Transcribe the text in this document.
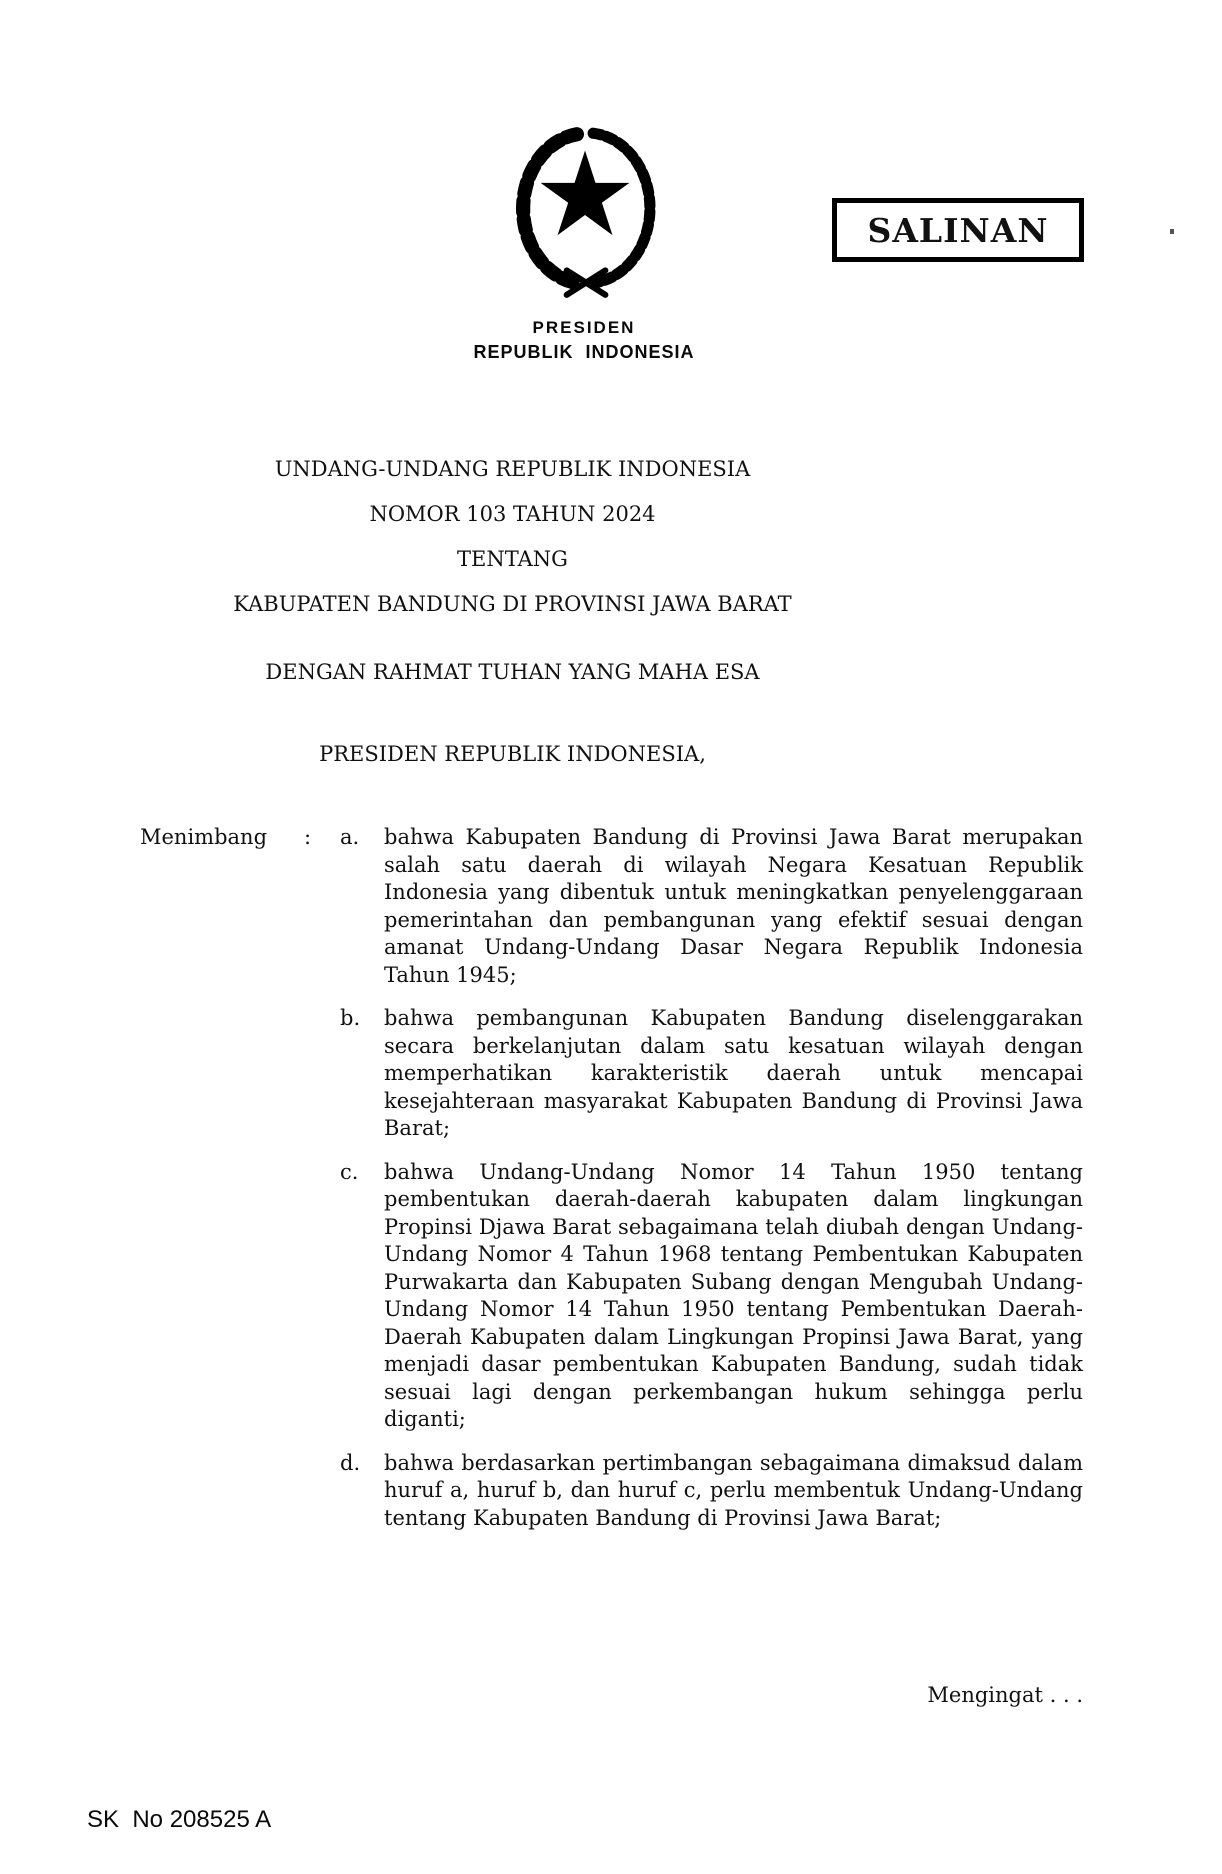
PRESIDEN
REPUBLIK INDONESIA
SALINAN
UNDANG-UNDANG REPUBLIK INDONESIA
NOMOR 103 TAHUN 2024
TENTANG
KABUPATEN BANDUNG DI PROVINSI JAWA BARAT
DENGAN RAHMAT TUHAN YANG MAHA ESA
PRESIDEN REPUBLIK INDONESIA,
Menimbang	:	a.	bahwa Kabupaten Bandung di Provinsi Jawa Barat merupakan salah satu daerah di wilayah Negara Kesatuan Republik Indonesia yang dibentuk untuk meningkatkan penyelenggaraan pemerintahan dan pembangunan yang efektif sesuai dengan amanat Undang-Undang Dasar Negara Republik Indonesia Tahun 1945;
b.	bahwa pembangunan Kabupaten Bandung diselenggarakan secara berkelanjutan dalam satu kesatuan wilayah dengan memperhatikan karakteristik daerah untuk mencapai kesejahteraan masyarakat Kabupaten Bandung di Provinsi Jawa Barat;
c.	bahwa Undang-Undang Nomor 14 Tahun 1950 tentang pembentukan daerah-daerah kabupaten dalam lingkungan Propinsi Djawa Barat sebagaimana telah diubah dengan Undang-Undang Nomor 4 Tahun 1968 tentang Pembentukan Kabupaten Purwakarta dan Kabupaten Subang dengan Mengubah Undang-Undang Nomor 14 Tahun 1950 tentang Pembentukan Daerah-Daerah Kabupaten dalam Lingkungan Propinsi Jawa Barat, yang menjadi dasar pembentukan Kabupaten Bandung, sudah tidak sesuai lagi dengan perkembangan hukum sehingga perlu diganti;
d.	bahwa berdasarkan pertimbangan sebagaimana dimaksud dalam huruf a, huruf b, dan huruf c, perlu membentuk Undang-Undang tentang Kabupaten Bandung di Provinsi Jawa Barat;
Mengingat . . .
SK  No 208525 A
